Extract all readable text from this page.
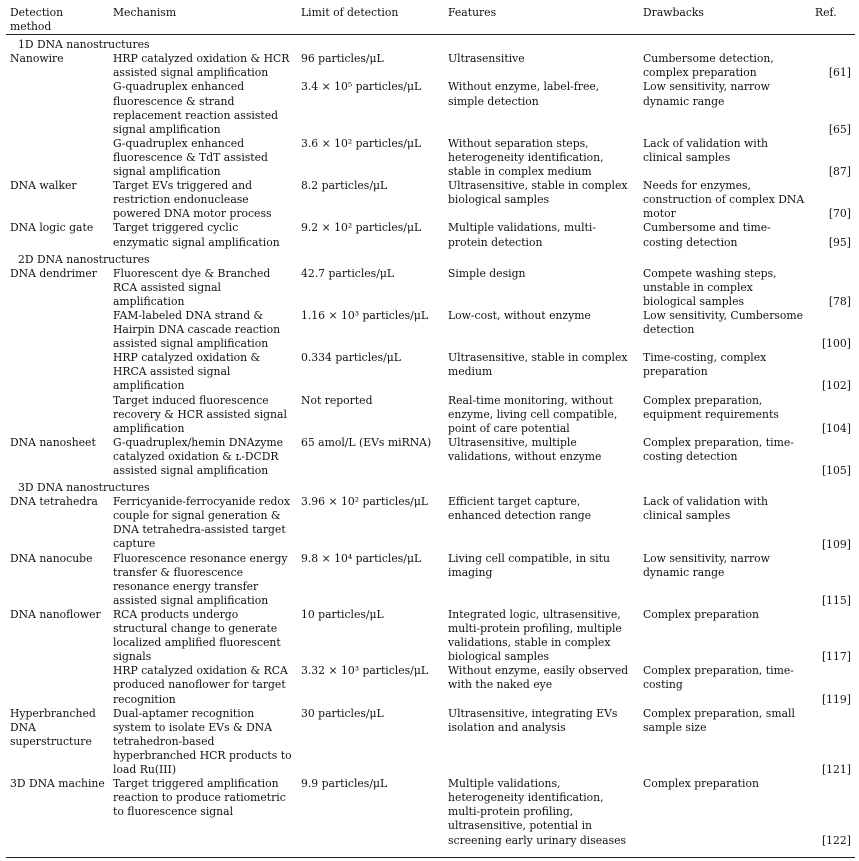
Detection
method	Mechanism	Limit of detection	Features	Drawbacks	Ref.
1D DNA nanostructures					
Nanowire	HRP catalyzed oxidation & HCR assisted signal amplification	96 particles/μL	Ultrasensitive	Cumbersome detection, complex preparation	[61]

	G-quadruplex enhanced fluorescence & strand replacement reaction assisted signal amplification	3.4 × 10⁵ particles/μL	Without enzyme, label-free, simple detection	Low sensitivity, narrow dynamic range	[65]

	G-quadruplex enhanced fluorescence & TdT assisted signal amplification	3.6 × 10² particles/μL	Without separation steps, heterogeneity identification, stable in complex medium	Lack of validation with clinical samples	[87]

DNA walker	Target EVs triggered and restriction endonuclease powered DNA motor process	8.2 particles/μL	Ultrasensitive, stable in complex biological samples	Needs for enzymes, construction of complex DNA motor	[70]

DNA logic gate	Target triggered cyclic enzymatic signal amplification	9.2 × 10² particles/μL	Multiple validations, multi-protein detection	Cumbersome and time-costing detection	[95]

2D DNA nanostructures					
DNA dendrimer	Fluorescent dye & Branched RCA assisted signal amplification	42.7 particles/μL	Simple design	Compete washing steps, unstable in complex biological samples	[78]

	FAM-labeled DNA strand & Hairpin DNA cascade reaction assisted signal amplification	1.16 × 10³ particles/μL	Low-cost, without enzyme	Low sensitivity, Cumbersome detection	[100]

	HRP catalyzed oxidation & HRCA assisted signal amplification	0.334 particles/μL	Ultrasensitive, stable in complex medium	Time-costing, complex preparation	[102]

	Target induced fluorescence recovery & HCR assisted signal amplification	Not reported	Real-time monitoring, without enzyme, living cell compatible, point of care potential	Complex preparation, equipment requirements	[104]

DNA nanosheet	G-quadruplex/hemin DNAzyme catalyzed oxidation & ʟ-DCDR assisted signal amplification	65 amol/L (EVs miRNA)	Ultrasensitive, multiple validations, without enzyme	Complex preparation, time-costing detection	[105]

3D DNA nanostructures					
DNA tetrahedra	Ferricyanide-ferrocyanide redox couple for signal generation & DNA tetrahedra-assisted target capture	3.96 × 10² particles/μL	Efficient target capture, enhanced detection range	Lack of validation with clinical samples	[109]

DNA nanocube	Fluorescence resonance energy transfer & fluorescence resonance energy transfer assisted signal amplification	9.8 × 10⁴ particles/μL	Living cell compatible, in situ imaging	Low sensitivity, narrow dynamic range	[115]

DNA nanoflower	RCA products undergo structural change to generate localized amplified fluorescent signals	10 particles/μL	Integrated logic, ultrasensitive, multi-protein profiling, multiple validations, stable in complex biological samples	Complex preparation	[117]

	HRP catalyzed oxidation & RCA produced nanoflower for target recognition	3.32 × 10³ particles/μL	Without enzyme, easily observed with the naked eye	Complex preparation, time-costing	[119]

Hyperbranched DNA superstructure	Dual-aptamer recognition system to isolate EVs & DNA tetrahedron-based hyperbranched HCR products to load Ru(III)	30 particles/μL	Ultrasensitive, integrating EVs isolation and analysis	Complex preparation, small sample size	[121]

3D DNA machine	Target triggered amplification reaction to produce ratiometric to fluorescence signal	9.9 particles/μL	Multiple validations, heterogeneity identification, multi-protein profiling, ultrasensitive, potential in screening early urinary diseases	Complex preparation	[122]
